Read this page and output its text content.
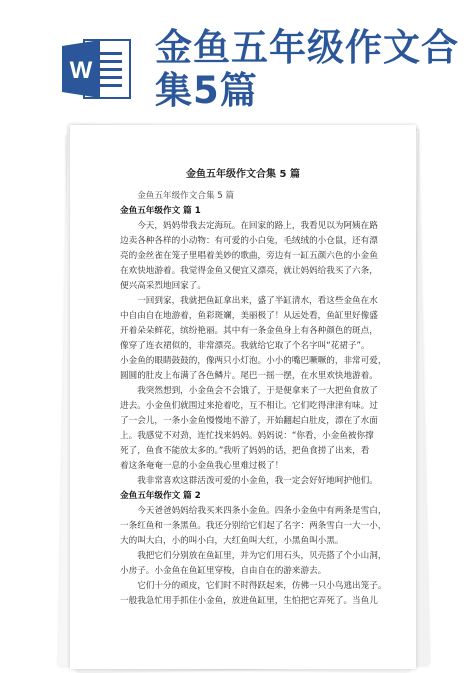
W
金鱼五年级作文合
集5篇
金鱼五年级作文合集 5 篇
金鱼五年级作文合集 5 篇
金鱼五年级作文 篇 1
今天，妈妈带我去定海玩。在回家的路上，我看见以为阿姨在路
边卖各种各样的小动物：有可爱的小白兔，毛绒绒的小仓鼠，还有漂
亮的金丝雀在笼子里唱着美妙的歌曲，旁边有一缸五颜六色的小金鱼
在欢快地游着。我觉得金鱼又便宜又漂亮，就让妈妈给我买了六条，
便兴高采烈地回家了。
一回到家，我就把鱼缸拿出来，盛了半缸清水，看这些金鱼在水
中自由自在地游着，鱼彩斑斓，美丽极了！从远处看，鱼缸里好像盛
开着朵朵鲜花，缤纷艳丽。其中有一条金鱼身上有各种颜色的斑点，
像穿了连衣裙似的，非常漂亮。我就给它取了个名字叫“花裙子”。
小金鱼的眼睛鼓鼓的，像两只小灯泡。小小的嘴巴噘噘的，非常可爱，
圆圆的肚皮上布满了各色鳞片。尾巴一摇一摆，在水里欢快地游着。
我突然想到，小金鱼会不会饿了，于是便拿来了一大把鱼食放了
进去。小金鱼们就围过来抢着吃，互不相让。它们吃得津津有味。过
了一会儿，一条小金鱼慢慢地不游了，开始翻起白肚皮，漂在了水面
上。我感觉不对劲，连忙找来妈妈。妈妈说：“你看，小金鱼被你撑
死了，鱼食不能放太多的。”我听了妈妈的话，把鱼食捞了出来，看
着这条奄奄一息的小金鱼我心里难过极了！
我非常喜欢这群活泼可爱的小金鱼，我一定会好好地呵护他们。
金鱼五年级作文 篇 2
今天爸爸妈妈给我买来四条小金鱼。四条小金鱼中有两条是雪白，
一条红鱼和一条黑鱼。我还分别给它们起了名字：两条雪白一大一小，
大的叫大白，小的叫小白，大红鱼叫大红，小黑鱼叫小黑。
我把它们分别放在鱼缸里，并为它们用石头，贝壳搭了个小山洞，
小房子。小金鱼在鱼缸里穿梭，自由自在的游来游去。
它们十分的顽皮，它们时不时得跃起来，仿佛一只小鸟逃出笼子。
一般我急忙用手抓住小金鱼，放进鱼缸里，生怕把它弄死了。当鱼儿
